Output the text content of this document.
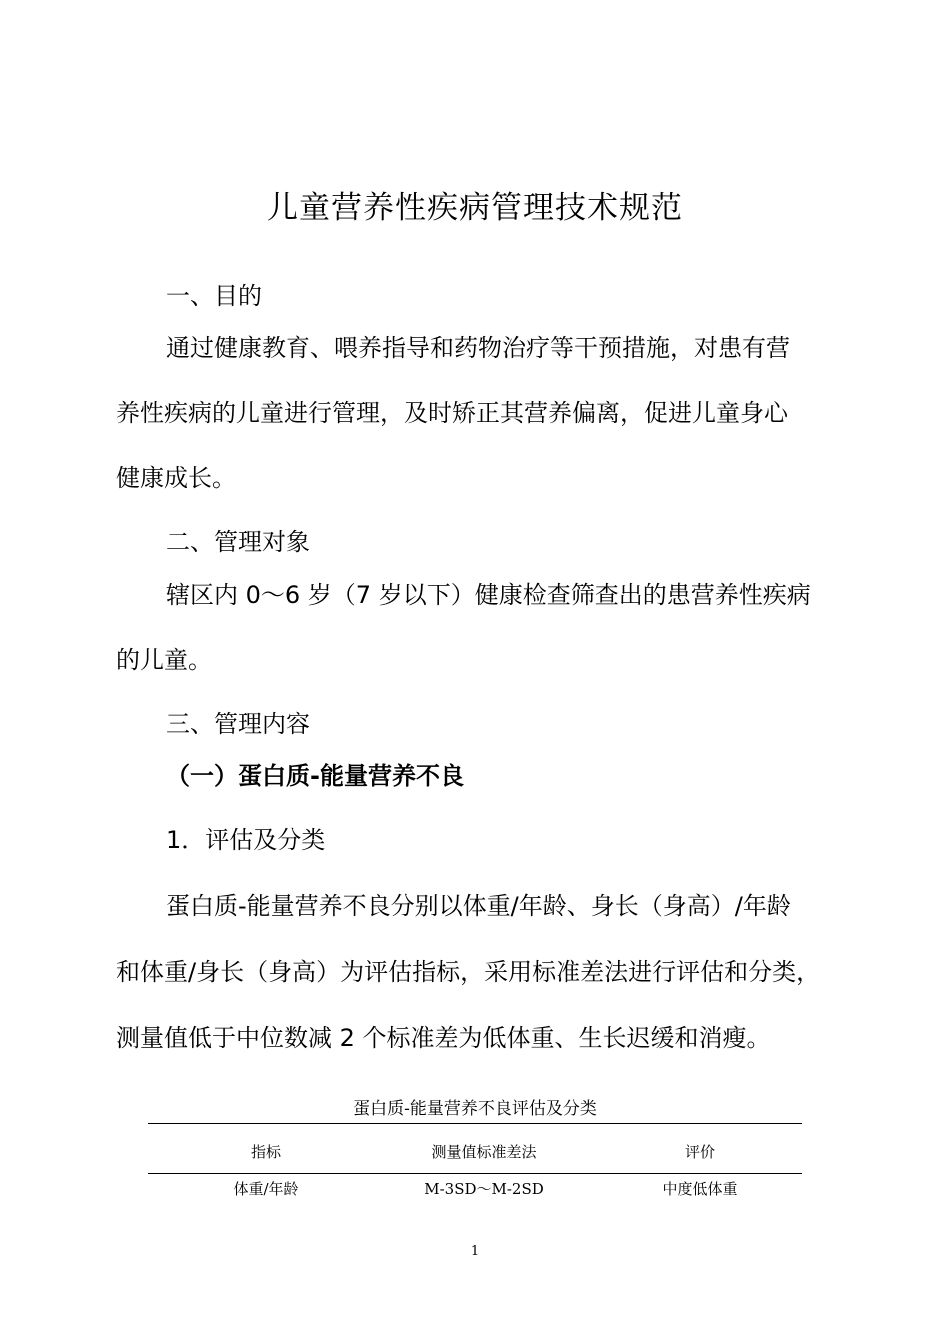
儿童营养性疾病管理技术规范
一、目的
通过健康教育、喂养指导和药物治疗等干预措施，对患有营
养性疾病的儿童进行管理，及时矫正其营养偏离，促进儿童身心
健康成长。
二、管理对象
辖区内 0～6 岁（7 岁以下）健康检查筛查出的患营养性疾病
的儿童。
三、管理内容
（一）蛋白质-能量营养不良
1．评估及分类
蛋白质-能量营养不良分别以体重/年龄、身长（身高）/年龄
和体重/身长（身高）为评估指标，采用标准差法进行评估和分类，
测量值低于中位数减 2 个标准差为低体重、生长迟缓和消瘦。
蛋白质-能量营养不良评估及分类
指标	测量值标准差法	评价
体重/年龄	M-3SD～M-2SD	中度低体重
1
